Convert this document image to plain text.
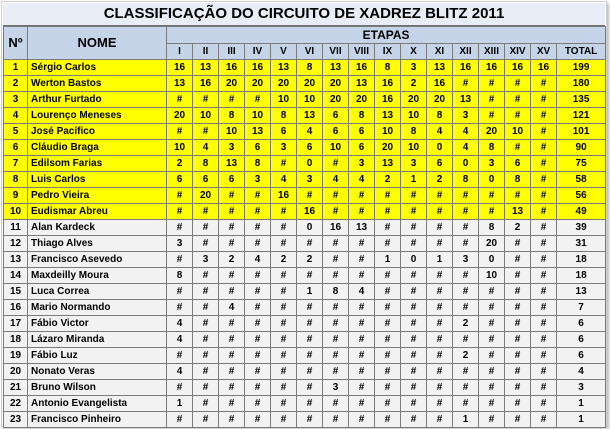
CLASSIFICAÇÃO DO CIRCUITO DE XADREZ BLITZ 2011
Nº	NOME	ETAPAS															
		I	II	III	IV	V	VI	VII	VIII	IX	X	XI	XII	XIII	XIV	XV	TOTAL
1	Sérgio Carlos	16	13	16	16	13	8	13	16	8	3	13	16	16	16	16	199
2	Werton Bastos	13	16	20	20	20	20	20	13	16	2	16	#	#	#	#	180
3	Arthur Furtado	#	#	#	#	10	10	20	20	16	20	20	13	#	#	#	135
4	Lourenço Meneses	20	10	8	10	8	13	6	8	13	10	8	3	#	#	#	121
5	José Pacífico	#	#	10	13	6	4	6	6	10	8	4	4	20	10	#	101
6	Cláudio Braga	10	4	3	6	3	6	10	6	20	10	0	4	8	#	#	90
7	Edilsom Farias	2	8	13	8	#	0	#	3	13	3	6	0	3	6	#	75
8	Luis Carlos	6	6	6	3	4	3	4	4	2	1	2	8	0	8	#	58
9	Pedro Vieira	#	20	#	#	16	#	#	#	#	#	#	#	#	#	#	56
10	Eudismar Abreu	#	#	#	#	#	16	#	#	#	#	#	#	#	13	#	49
11	Alan Kardeck	#	#	#	#	#	0	16	13	#	#	#	#	8	2	#	39
12	Thiago Alves	3	#	#	#	#	#	#	#	#	#	#	#	20	#	#	31
13	Francisco Asevedo	#	3	2	4	2	2	#	#	1	0	1	3	0	#	#	18
14	Maxdeilly Moura	8	#	#	#	#	#	#	#	#	#	#	#	10	#	#	18
15	Luca Correa	#	#	#	#	#	1	8	4	#	#	#	#	#	#	#	13
16	Mario Normando	#	#	4	#	#	#	#	#	#	#	#	#	#	#	#	7
17	Fábio Victor	4	#	#	#	#	#	#	#	#	#	#	2	#	#	#	6
18	Lázaro Miranda	4	#	#	#	#	#	#	#	#	#	#	#	#	#	#	6
19	Fábio Luz	#	#	#	#	#	#	#	#	#	#	#	2	#	#	#	6
20	Nonato Veras	4	#	#	#	#	#	#	#	#	#	#	#	#	#	#	4
21	Bruno Wilson	#	#	#	#	#	#	3	#	#	#	#	#	#	#	#	3
22	Antonio Evangelista	1	#	#	#	#	#	#	#	#	#	#	#	#	#	#	1
23	Francisco Pinheiro	#	#	#	#	#	#	#	#	#	#	#	1	#	#	#	1
